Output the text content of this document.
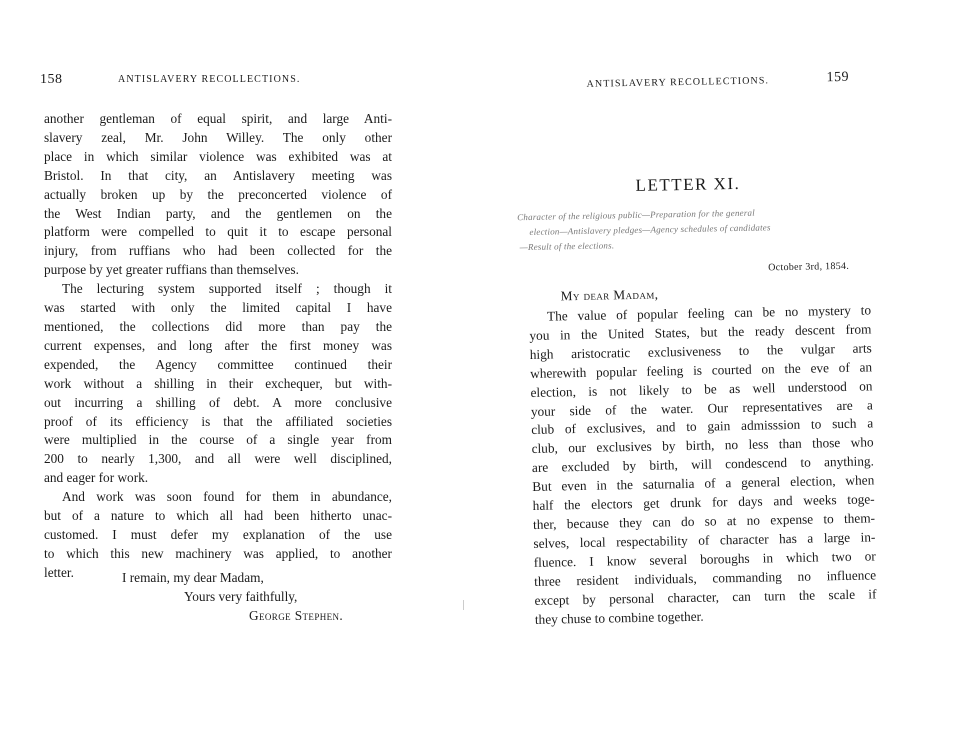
158	ANTISLAVERY RECOLLECTIONS.
another gentleman of equal spirit, and large Anti-
slavery zeal, Mr. John Willey. The only other
place in which similar violence was exhibited was at
Bristol. In that city, an Antislavery meeting was
actually broken up by the preconcerted violence of
the West Indian party, and the gentlemen on the
platform were compelled to quit it to escape personal
injury, from ruffians who had been collected for the
purpose by yet greater ruffians than themselves.
The lecturing system supported itself ; though it
was started with only the limited capital I have
mentioned, the collections did more than pay the
current expenses, and long after the first money was
expended, the Agency committee continued their
work without a shilling in their exchequer, but with-
out incurring a shilling of debt. A more conclusive
proof of its efficiency is that the affiliated societies
were multiplied in the course of a single year from
200 to nearly 1,300, and all were well disciplined,
and eager for work.
And work was soon found for them in abundance,
but of a nature to which all had been hitherto unac-
customed. I must defer my explanation of the use
to which this new machinery was applied, to another
letter.	I remain, my dear Madam,
Yours very faithfully,
George Stephen.
ANTISLAVERY RECOLLECTIONS.	159
LETTER XI.
Character of the religious public—Preparation for the general
election—Antislavery pledges—Agency schedules of candidates
—Result of the elections.
October 3rd, 1854.
My dear Madam,
The value of popular feeling can be no mystery to
you in the United States, but the ready descent from
high aristocratic exclusiveness to the vulgar arts
wherewith popular feeling is courted on the eve of an
election, is not likely to be as well understood on
your side of the water. Our representatives are a
club of exclusives, and to gain admisssion to such a
club, our exclusives by birth, no less than those who
are excluded by birth, will condescend to anything.
But even in the saturnalia of a general election, when
half the electors get drunk for days and weeks toge-
ther, because they can do so at no expense to them-
selves, local respectability of character has a large in-
fluence. I know several boroughs in which two or
three resident individuals, commanding no influence
except by personal character, can turn the scale if
they chuse to combine together.
